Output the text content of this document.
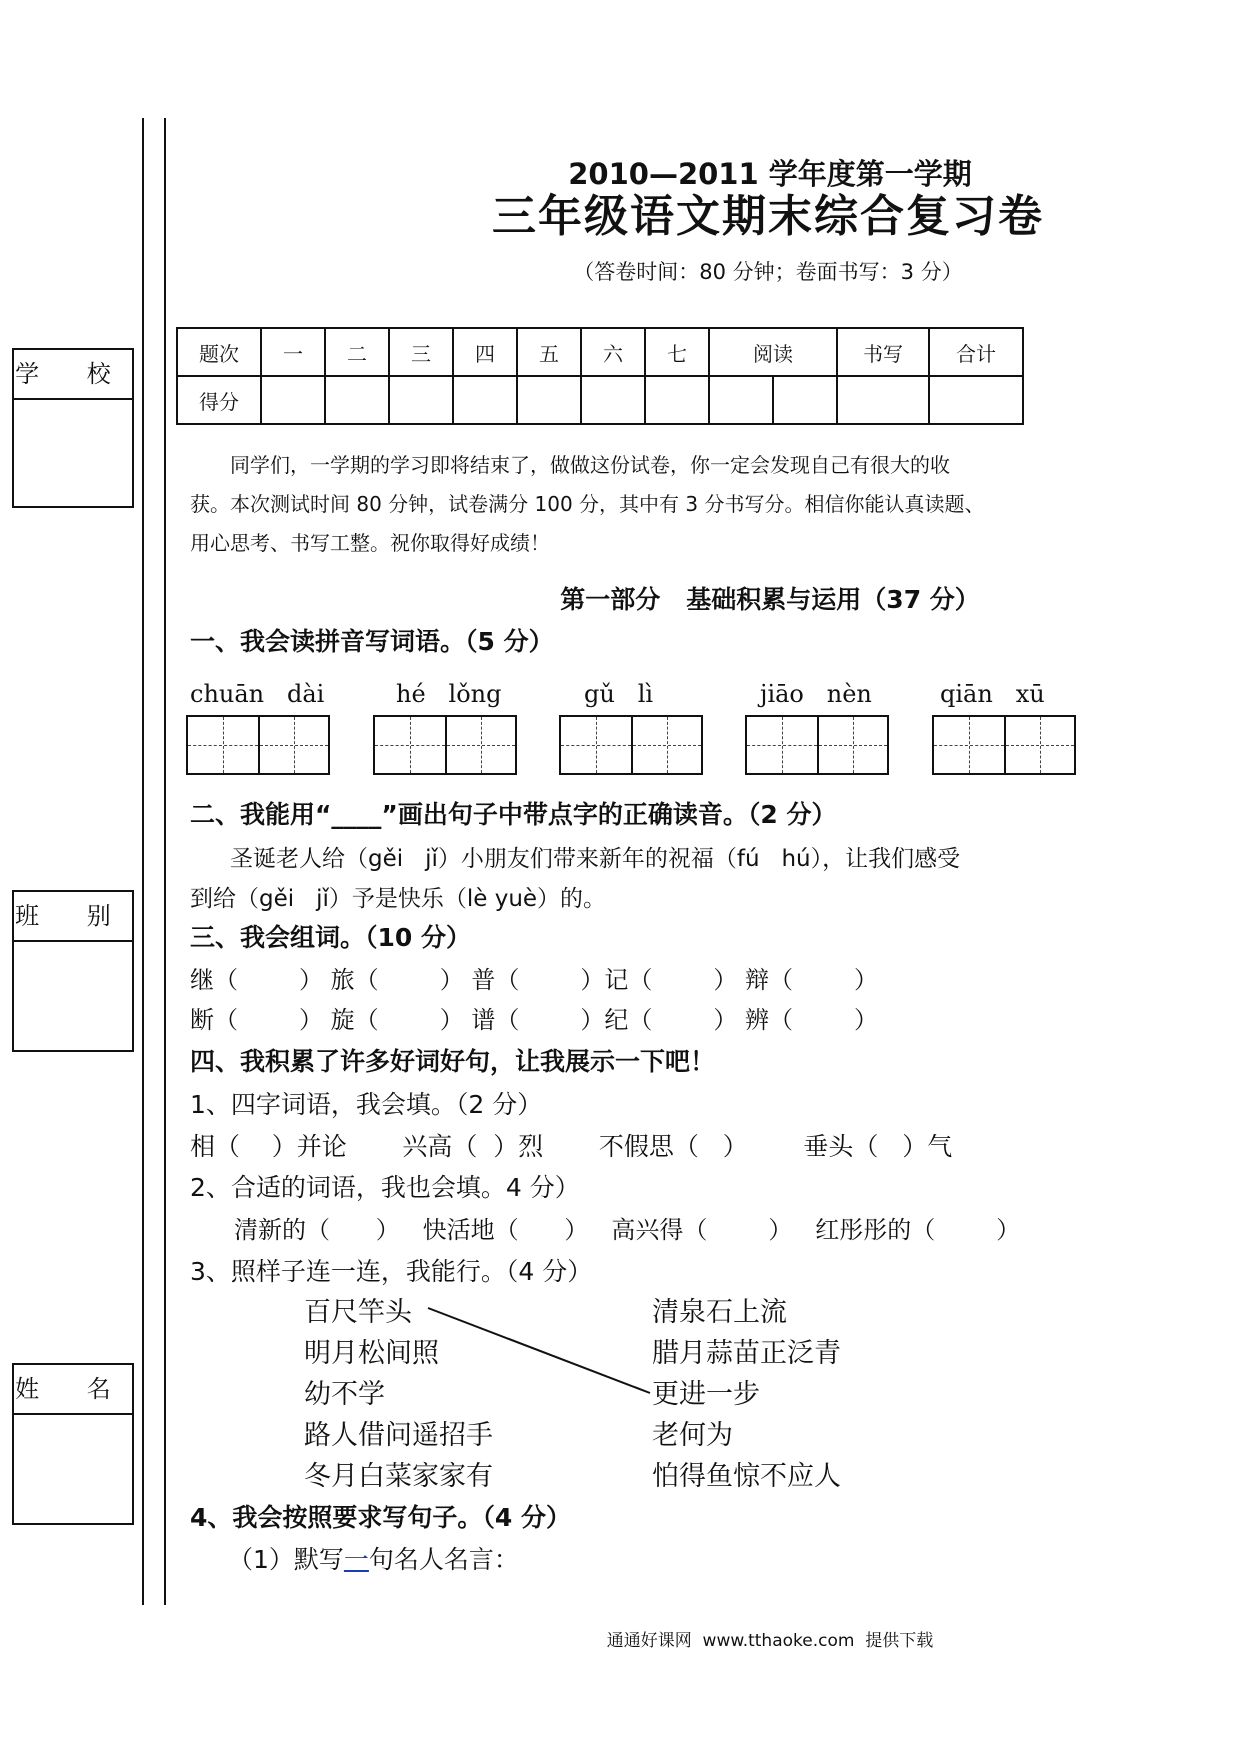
学 校
班 别
姓 名
2010—2011 学年度第一学期
三年级语文期末综合复习卷
（答卷时间：80 分钟；卷面书写：3 分）
题次	一	二	三	四	五	六	七	阅读		书写	合计
得分											
同学们，一学期的学习即将结束了，做做这份试卷，你一定会发现自己有很大的收
获。本次测试时间 80 分钟，试卷满分 100 分，其中有 3 分书写分。相信你能认真读题、
用心思考、书写工整。祝你取得好成绩！
第一部分   基础积累与运用（37 分）
一、我会读拼音写词语。（5 分）
chuān   dài	hé   lǒng	gǔ   lì	jiāo   nèn	qiān   xū
二、我能用“____”画出句子中带点字的正确读音。（2 分）
圣诞老人给（gěi   jǐ）小朋友们带来新年的祝福（fú   hú），让我们感受
到给（gěi   jǐ）予是快乐（lè yuè）的。
三、我会组词。（10 分）
继（        ） 旅（        ） 普（        ）记（        ） 辩（        ）
断（        ） 旋（        ） 谱（        ）纪（        ） 辨（        ）
四、我积累了许多好词好句，让我展示一下吧！
1、四字词语，我会填。（2 分）
相（    ）并论       兴高（  ）烈       不假思（   ）       垂头（   ）气
2、合适的词语，我也会填。4 分）
清新的（      ）   快活地（      ）   高兴得（        ）   红彤彤的（        ）
3、照样子连一连，我能行。（4 分）
百尺竿头
明月松间照
幼不学
路人借问遥招手
冬月白菜家家有
清泉石上流
腊月蒜苗正泛青
更进一步
老何为
怕得鱼惊不应人
4、我会按照要求写句子。（4 分）
（1）默写一句名人名言：
通通好课网  www.tthaoke.com  提供下载
